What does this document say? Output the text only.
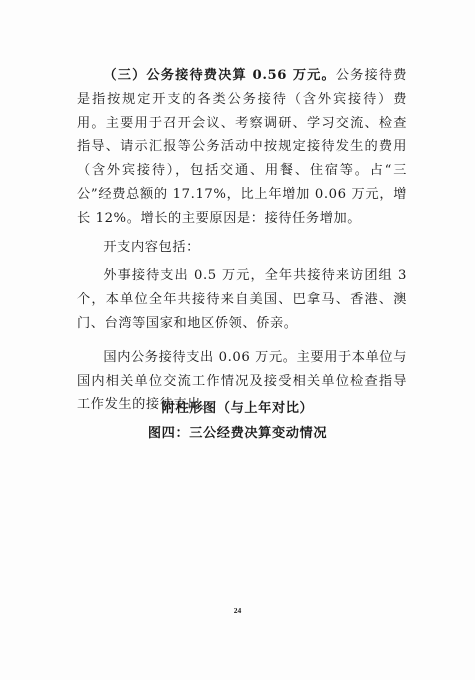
（三）公务接待费决算 0.56 万元。公务接待费是指按规定开支的各类公务接待（含外宾接待）费用。主要用于召开会议、考察调研、学习交流、检查指导、请示汇报等公务活动中按规定接待发生的费用（含外宾接待），包括交通、用餐、住宿等。占“三公”经费总额的 17.17%，比上年增加 0.06 万元，增长 12%。增长的主要原因是：接待任务增加。

开支内容包括：

外事接待支出 0.5 万元，全年共接待来访团组 3 个，本单位全年共接待来自美国、巴拿马、香港、澳门、台湾等国家和地区侨领、侨亲。

国内公务接待支出 0.06 万元。主要用于本单位与国内相关单位交流工作情况及接受相关单位检查指导工作发生的接待支出。

附柱形图（与上年对比）

图四：三公经费决算变动情况

24
